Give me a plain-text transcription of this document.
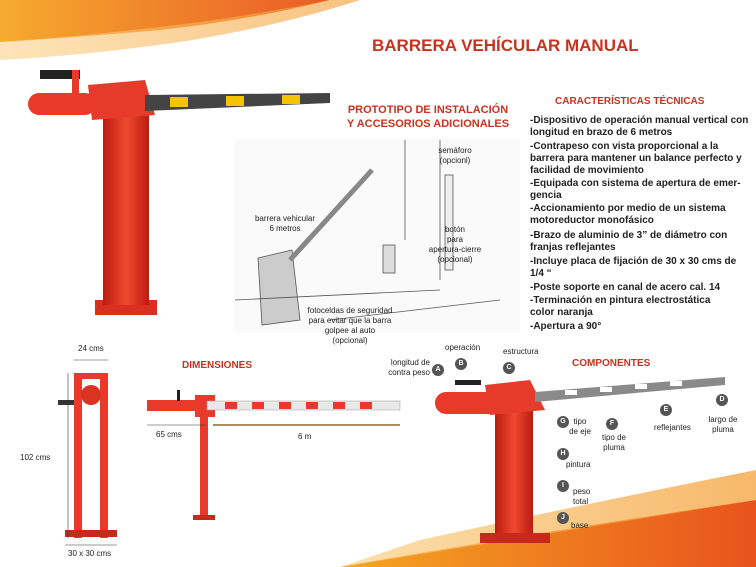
BARRERA VEHÍCULAR MANUAL
PROTOTIPO DE INSTALACIÓN
Y ACCESORIOS ADICIONALES
barrera vehicular
6 metros
semáforo
(opcionl)
botón
para
apertura-cierre
(opcional)
fotoceldas de seguridad
para evitar que la barra
golpee al auto
(opcional)
CARACTERÍSTICAS TÉCNICAS
-Dispositivo de operación manual vertical con
longitud en brazo de 6 metros
-Contrapeso con vista proporcional a la
barrera para mantener un balance perfecto y
facilidad de movimiento
-Equipada con sistema de apertura de emer-
gencia
-Accionamiento por medio de un sistema
motoreductor monofásico
-Brazo de aluminio de 3” de diámetro con
franjas reflejantes
-Incluye placa de fijación de 30 x 30 cms de
1/4 “
-Poste soporte en canal de acero cal. 14
-Terminación en pintura electrostática
color naranja
-Apertura a 90°
DIMENSIONES
24 cms
102 cms
30 x 30 cms
65 cms	6 m
COMPONENTES
longitud de
contra peso A
operación
B
estructura
C
D
largo de
pluma
E
reflejantes
F
tipo de
pluma
G tipo
de eje
H
pintura
I
peso
total
J
base
